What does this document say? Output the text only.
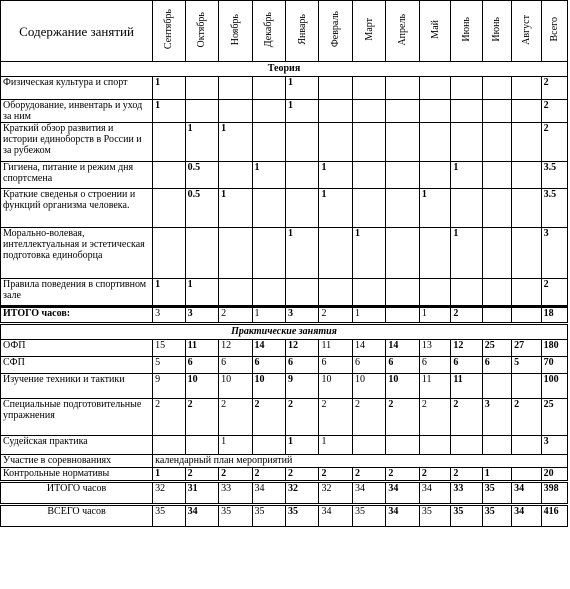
Содержание занятий	Сентябрь	Октябрь	Ноябрь	Декабрь	Январь	Февраль	Март	Апрель	Май	Июнь	Июнь	Август	Всего
Теория													
Физическая культура и спорт	1				1								2
Оборудование, инвентарь и уход за ним	1				1								2
Краткий обзор развития и истории единоборств в России и за рубежом		1	1										2
Гигиена, питание и режим дня спортсмена		0.5		1		1				1			3.5
Краткие сведенья о строении и функций организма человека.		0.5	1			1			1				3.5
Морально-волевая, интеллектуальная и эстетическая подготовка единоборца					1		1			1			3
Правила поведения в спортивном зале	1	1											2
ИТОГО часов:	3	3	2	1	3	2	1		1	2			18
Практические занятия													
ОФП	15	11	12	14	12	11	14	14	13	12	25	27	180
СФП	5	6	6	6	6	6	6	6	6	6	6	5	70
Изучение техники и тактики	9	10	10	10	9	10	10	10	11	11			100
Специальные подготовительные упражнения	2	2	2	2	2	2	2	2	2	2	3	2	25
Судейская практика			1		1	1							3
Участие в соревнованиях	календарный план мероприятий												
Контрольные нормативы	1	2	2	2	2	2	2	2	2	2	1		20
ИТОГО часов	32	31	33	34	32	32	34	34	34	33	35	34	398
ВСЕГО часов	35	34	35	35	35	34	35	34	35	35	35	34	416
